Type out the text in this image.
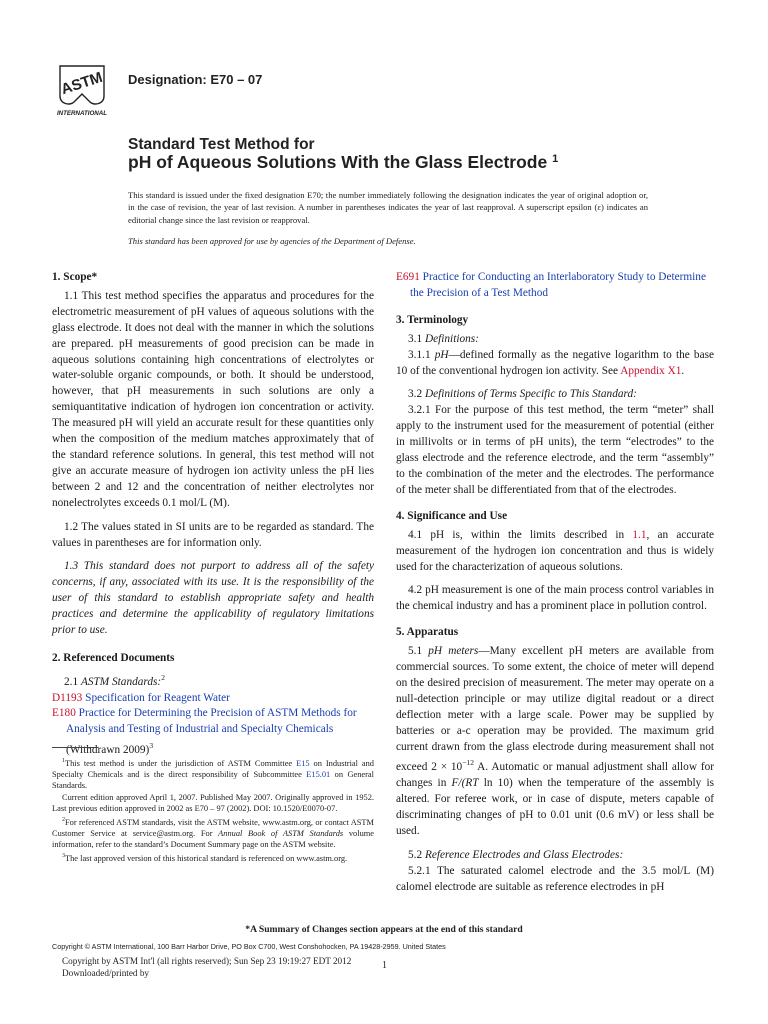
ASTM
INTERNATIONAL
Designation: E70 – 07
Standard Test Method for
pH of Aqueous Solutions With the Glass Electrode $^1$
This standard is issued under the fixed designation E70; the number immediately following the designation indicates the year of original adoption or, in the case of revision, the year of last revision. A number in parentheses indicates the year of last reapproval. A superscript epsilon (ε) indicates an editorial change since the last revision or reapproval.
This standard has been approved for use by agencies of the Department of Defense.
1. Scope*

1.1 This test method specifies the apparatus and procedures for the electrometric measurement of pH values of aqueous solutions with the glass electrode. It does not deal with the manner in which the solutions are prepared. pH measurements of good precision can be made in aqueous solutions containing high concentrations of electrolytes or water-soluble organic compounds, or both. It should be understood, however, that pH measurements in such solutions are only a semiquantitative indication of hydrogen ion concentration or activity. The measured pH will yield an accurate result for these quantities only when the composition of the medium matches approximately that of the standard reference solutions. In general, this test method will not give an accurate measure of hydrogen ion activity unless the pH lies between 2 and 12 and the concentration of neither electrolytes nor nonelectrolytes exceeds 0.1 mol/L (M).

1.2 The values stated in SI units are to be regarded as standard. The values in parentheses are for information only.

1.3 This standard does not purport to address all of the safety concerns, if any, associated with its use. It is the responsibility of the user of this standard to establish appropriate safety and health practices and determine the applicability of regulatory limitations prior to use.

2. Referenced Documents

2.1 ASTM Standards:$^2$

D1193 Specification for Reagent Water

E180 Practice for Determining the Precision of ASTM Methods for Analysis and Testing of Industrial and Specialty Chemicals (Withdrawn 2009)$^3$

E691 Practice for Conducting an Interlaboratory Study to Determine the Precision of a Test Method

3. Terminology

3.1 Definitions:

3.1.1 pH—defined formally as the negative logarithm to the base 10 of the conventional hydrogen ion activity. See Appendix X1.

3.2 Definitions of Terms Specific to This Standard:

3.2.1 For the purpose of this test method, the term “meter” shall apply to the instrument used for the measurement of potential (either in millivolts or in terms of pH units), the term “electrodes” to the glass electrode and the reference electrode, and the term “assembly” to the combination of the meter and the electrodes. The performance of the meter shall be differentiated from that of the electrodes.

4. Significance and Use

4.1 pH is, within the limits described in 1.1, an accurate measurement of the hydrogen ion concentration and thus is widely used for the characterization of aqueous solutions.

4.2 pH measurement is one of the main process control variables in the chemical industry and has a prominent place in pollution control.

5. Apparatus

5.1 pH meters—Many excellent pH meters are available from commercial sources. To some extent, the choice of meter will depend on the desired precision of measurement. The meter may operate on a null-detection principle or may utilize digital readout or a direct deflection meter with a large scale. Power may be supplied by batteries or a-c operation may be provided. The maximum grid current drawn from the glass electrode during measurement shall not exceed $2 \times 10^{-12}$ A. Automatic or manual adjustment shall allow for changes in F/(RT ln 10) when the temperature of the assembly is altered. For referee work, or in case of dispute, meters capable of discriminating changes of pH to 0.01 unit (0.6 mV) or less shall be used.

5.2 Reference Electrodes and Glass Electrodes:

5.2.1 The saturated calomel electrode and the 3.5 mol/L (M) calomel electrode are suitable as reference electrodes in pH

$^1$This test method is under the jurisdiction of ASTM Committee E15 on Industrial and Specialty Chemicals and is the direct responsibility of Subcommittee E15.01 on General Standards.

Current edition approved April 1, 2007. Published May 2007. Originally approved in 1952. Last previous edition approved in 2002 as E70 – 97 (2002). DOI: 10.1520/E0070-07.

$^2$For referenced ASTM standards, visit the ASTM website, www.astm.org, or contact ASTM Customer Service at service@astm.org. For Annual Book of ASTM Standards volume information, refer to the standard’s Document Summary page on the ASTM website.

$^3$The last approved version of this historical standard is referenced on www.astm.org.

*A Summary of Changes section appears at the end of this standard
Copyright © ASTM International, 100 Barr Harbor Drive, PO Box C700, West Conshohocken, PA 19428-2959. United States
Copyright by ASTM Int'l (all rights reserved); Sun Sep 23 19:19:27 EDT 2012
Downloaded/printed by
1
